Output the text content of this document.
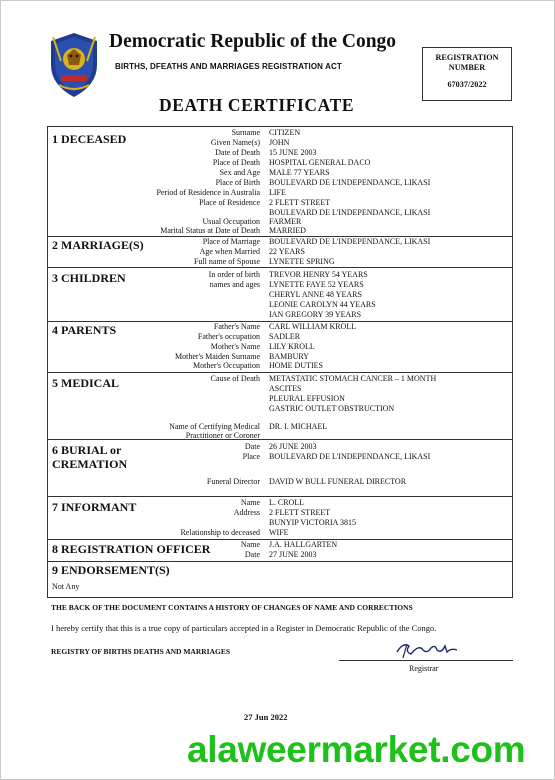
Democratic Republic of the Congo
BIRTHS, DFEATHS AND MARRIAGES REGISTRATION ACT
REGISTRATION
NUMBER
67037/2022
DEATH CERTIFICATE
1 DECEASED	Surname CITIZEN
Given Name(s) JOHN
Date of Death 15 JUNE 2003
Place of Death HOSPITAL GENERAL DACO
Sex and Age MALE 77 YEARS
Place of Birth BOULEVARD DE L'INDEPENDANCE, LIKASI
Period of Residence in Australia LIFE
Place of Residence 2 FLETT STREET
BOULEVARD DE L'INDEPENDANCE, LIKASI
Usual Occupation FARMER
Marital Status at Date of Death MARRIED
2 MARRIAGE(S)	Place of Marriage BOULEVARD DE L'INDEPENDANCE, LIKASI
Age when Married 22 YEARS
Full name of Spouse LYNETTE SPRING
3 CHILDREN	In order of birth TREVOR HENRY 54 YEARS
names and ages LYNETTE FAYE 52 YEARS
CHERYL ANNE 48 YEARS
LEONIE CAROLYN 44 YEARS
IAN GREGORY 39 YEARS
4 PARENTS	Father's Name CARL WILLIAM KROLL
Father's occupation SADLER
Mother's Name LILY KROLL
Mother's Maiden Surname BAMBURY
Mother's Occupation HOME DUTIES
5 MEDICAL	Cause of Death METASTATIC STOMACH CANCER – 1 MONTH
ASCITES
PLEURAL EFFUSION
GASTRIC OUTLET OBSTRUCTION
Name of Certifying Medical DR. I. MICHAEL
Practitioner or Coroner
6 BURIAL or
CREMATION
Date 26 JUNE 2003
Place BOULEVARD DE L'INDEPENDANCE, LIKASI
Funeral Director DAVID W BULL FUNERAL DIRECTOR
7 INFORMANT	Name L. CROLL
Address 2 FLETT STREET
BUNYIP VICTORIA 3815
Relationship to deceased WIFE
8 REGISTRATION OFFICER	Name J.A. HALLGARTEN
Date 27 JUNE 2003
9 ENDORSEMENT(S)
Not Any
THE BACK OF THE DOCUMENT CONTAINS A HISTORY OF CHANGES OF NAME AND CORRECTIONS
I hereby certify that this is a true copy of particulars accepted in a Register in Democratic Republic of the Congo.
REGISTRY OF BIRTHS DEATHS AND MARRIAGES
Registrar
27 Jun 2022
alaweermarket.com
